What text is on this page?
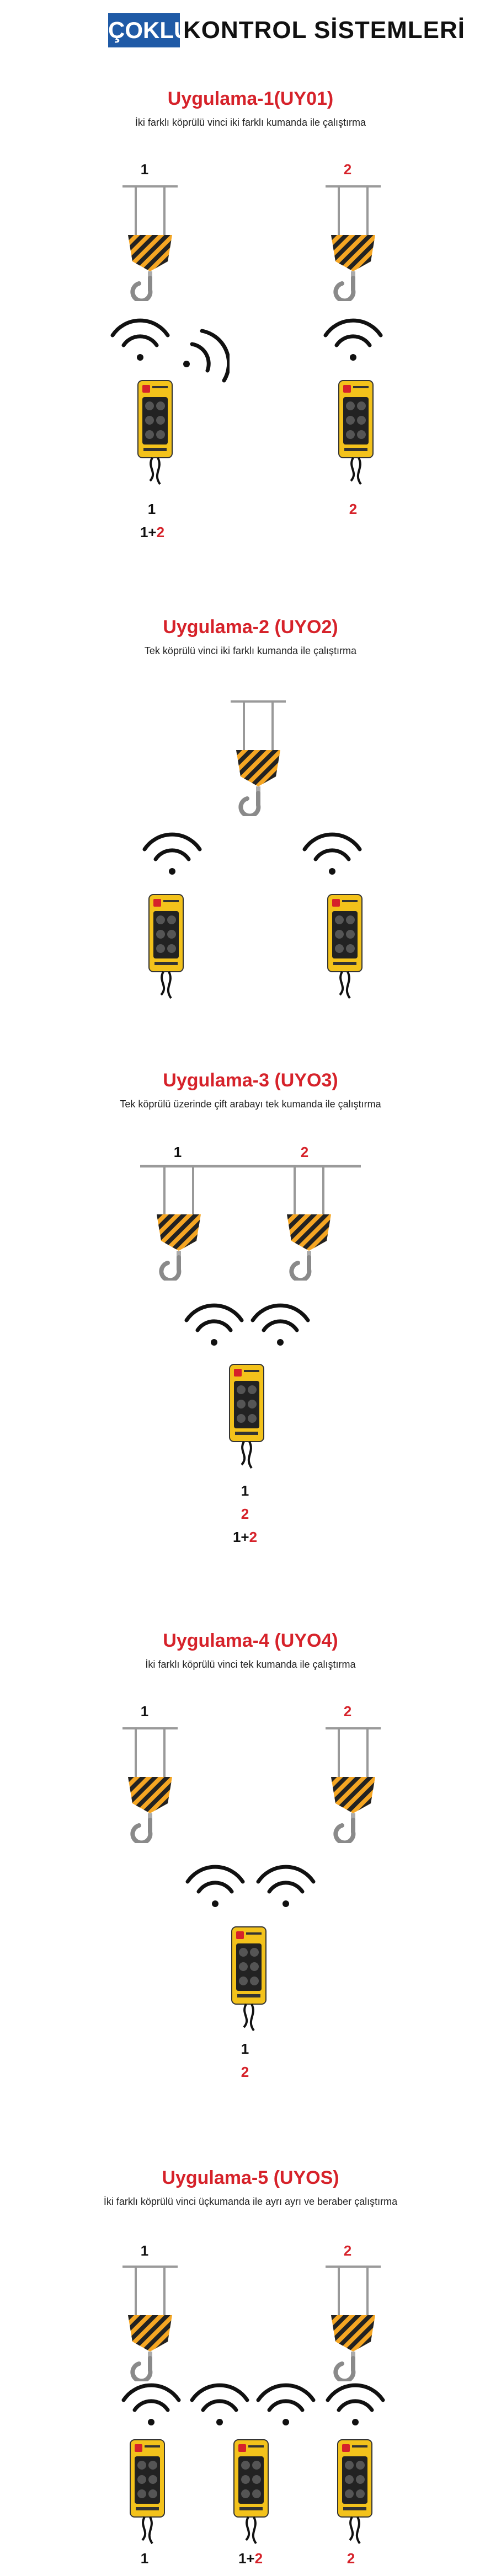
ÇOKLU
KONTROL SİSTEMLERİ
Uygulama-1(UY01)
İki farklı köprülü vinci iki farklı kumanda ile çalıştırma
1	2
1	2
1+2
Uygulama-2 (UYO2)
Tek köprülü vinci iki farklı kumanda ile çalıştırma
Uygulama-3 (UYO3)
Tek köprülü üzerinde çift arabayı tek kumanda ile çalıştırma
1	2
1
2
1+2
Uygulama-4 (UYO4)
İki farklı köprülü vinci tek kumanda ile çalıştırma
1	2
1
2
Uygulama-5 (UYOS)
İki farklı köprülü vinci üçkumanda ile ayrı ayrı ve beraber çalıştırma
1	2
1	1+2	2
